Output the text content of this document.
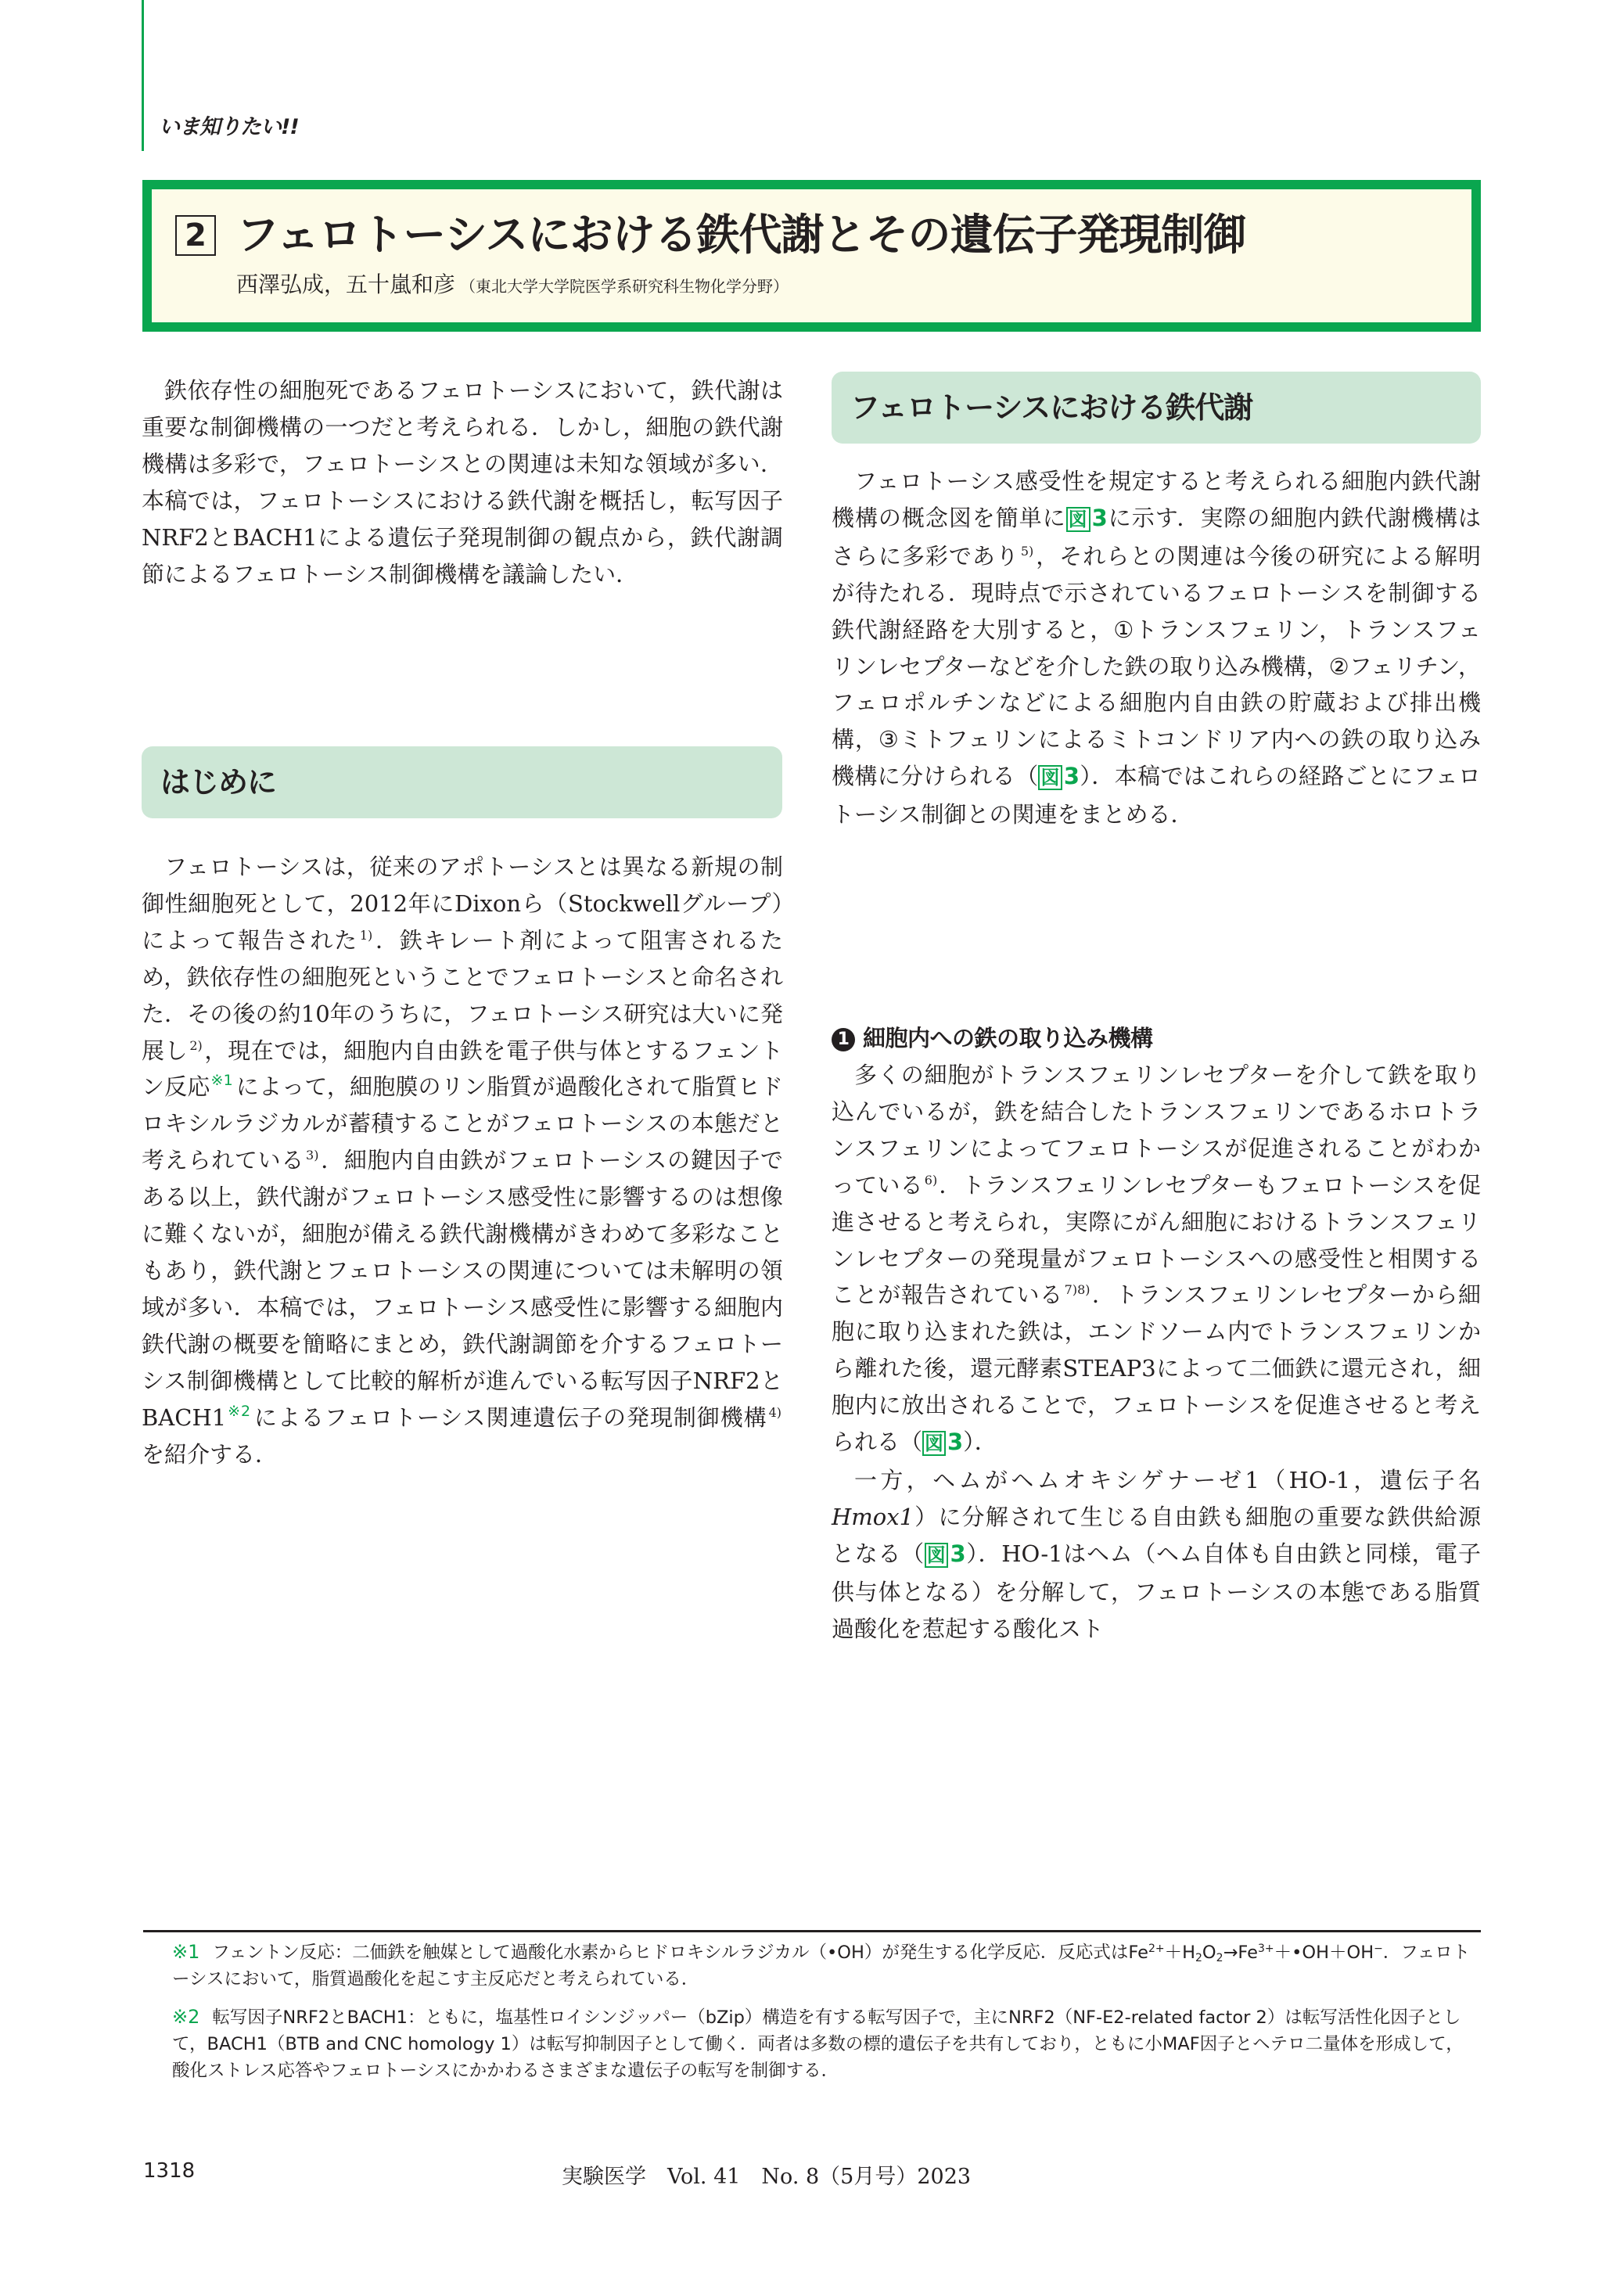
いま知りたい!!
2 フェロトーシスにおける鉄代謝とその遺伝子発現制御
西澤弘成，五十嵐和彦 （東北大学大学院医学系研究科生物化学分野）

鉄依存性の細胞死であるフェロトーシスにおいて，鉄代謝は重要な制御機構の一つだと考えられる．しかし，細胞の鉄代謝機構は多彩で，フェロトーシスとの関連は未知な領域が多い．本稿では，フェロトーシスにおける鉄代謝を概括し，転写因子NRF2とBACH1による遺伝子発現制御の観点から，鉄代謝調節によるフェロトーシス制御機構を議論したい．

はじめに

フェロトーシスは，従来のアポトーシスとは異なる新規の制御性細胞死として，2012年にDixonら（Stockwellグループ）によって報告された $^{1)}$．鉄キレート剤によって阻害されるため，鉄依存性の細胞死ということでフェロトーシスと命名された．その後の約10年のうちに，フェロトーシス研究は大いに発展し $^{2)}$，現在では，細胞内自由鉄を電子供与体とするフェントン反応$^{※1}$ によって，細胞膜のリン脂質が過酸化されて脂質ヒドロキシルラジカルが蓄積することがフェロトーシスの本態だと考えられている $^{3)}$．細胞内自由鉄がフェロトーシスの鍵因子である以上，鉄代謝がフェロトーシス感受性に影響するのは想像に難くないが，細胞が備える鉄代謝機構がきわめて多彩なこともあり，鉄代謝とフェロトーシスの関連については未解明の領域が多い．本稿では，フェロトーシス感受性に影響する細胞内鉄代謝の概要を簡略にまとめ，鉄代謝調節を介するフェロトーシス制御機構として比較的解析が進んでいる転写因子NRF2とBACH1$^{※2}$ によるフェロトーシス関連遺伝子の発現制御機構 $^{4)}$を紹介する．

フェロトーシスにおける鉄代謝

フェロトーシス感受性を規定すると考えられる細胞内鉄代謝機構の概念図を簡単に 図 3に示す．実際の細胞内鉄代謝機構はさらに多彩であり $^{5)}$，それらとの関連は今後の研究による解明が待たれる．現時点で示されているフェロトーシスを制御する鉄代謝経路を大別すると，①トランスフェリン，トランスフェリンレセプターなどを介した鉄の取り込み機構，②フェリチン，フェロポルチンなどによる細胞内自由鉄の貯蔵および排出機構，③ミトフェリンによるミトコンドリア内への鉄の取り込み機構に分けられる（ 図 3）．本稿ではこれらの経路ごとにフェロトーシス制御との関連をまとめる．

1 細胞内への鉄の取り込み機構

多くの細胞がトランスフェリンレセプターを介して鉄を取り込んでいるが，鉄を結合したトランスフェリンであるホロトランスフェリンによってフェロトーシスが促進されることがわかっている $^{6)}$．トランスフェリンレセプターもフェロトーシスを促進させると考えられ，実際にがん細胞におけるトランスフェリンレセプターの発現量がフェロトーシスへの感受性と相関することが報告されている $^{7)8)}$．トランスフェリンレセプターから細胞に取り込まれた鉄は，エンドソーム内でトランスフェリンから離れた後，還元酵素STEAP3によって二価鉄に還元され，細胞内に放出されることで，フェロトーシスを促進させると考えられる（ 図 3）．

一方，ヘムがヘムオキシゲナーゼ1（HO-1，遺伝子名Hmox1）に分解されて生じる自由鉄も細胞の重要な鉄供給源となる（ 図 3）．HO-1はヘム（ヘム自体も自由鉄と同様，電子供与体となる）を分解して，フェロトーシスの本態である脂質過酸化を惹起する酸化スト

※1 フェントン反応：二価鉄を触媒として過酸化水素からヒドロキシルラジカル（•OH）が発生する化学反応．反応式はFe$^{2+}$＋H2O2→Fe$^{3+}$＋•OH＋OH−．フェロトーシスにおいて，脂質過酸化を起こす主反応だと考えられている．
※2 転写因子NRF2とBACH1：ともに，塩基性ロイシンジッパー（bZip）構造を有する転写因子で，主にNRF2（NF-E2-related factor 2）は転写活性化因子として，BACH1（BTB and CNC homology 1）は転写抑制因子として働く．両者は多数の標的遺伝子を共有しており，ともに小MAF因子とヘテロ二量体を形成して，酸化ストレス応答やフェロトーシスにかかわるさまざまな遺伝子の転写を制御する．
1318	実験医学　Vol. 41　No. 8（5月号）2023
